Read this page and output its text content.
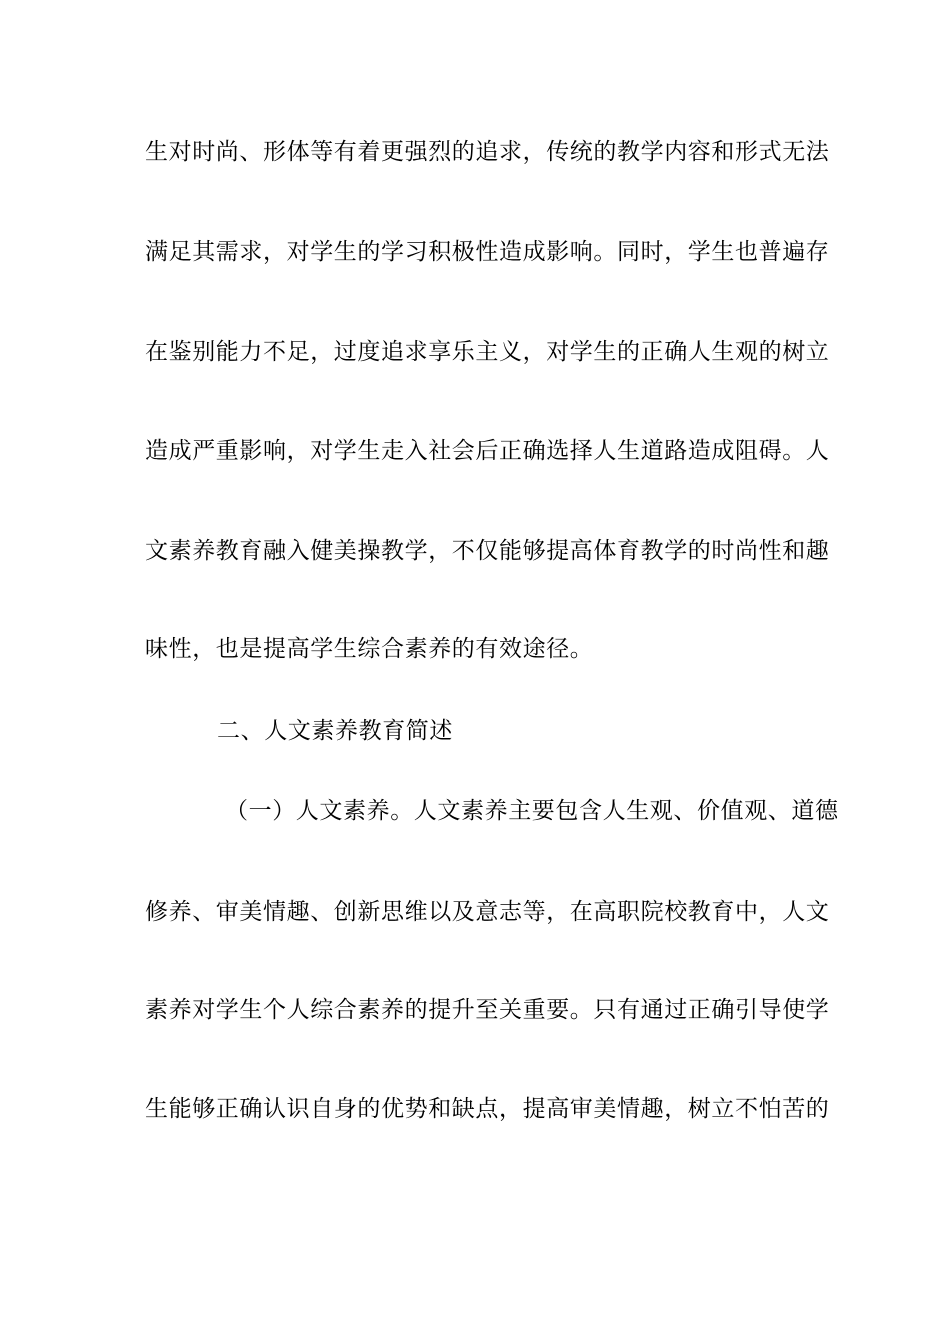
生对时尚、形体等有着更强烈的追求，传统的教学内容和形式无法
满足其需求，对学生的学习积极性造成影响。同时，学生也普遍存
在鉴别能力不足，过度追求享乐主义，对学生的正确人生观的树立
造成严重影响，对学生走入社会后正确选择人生道路造成阻碍。人
文素养教育融入健美操教学，不仅能够提高体育教学的时尚性和趣
味性，也是提高学生综合素养的有效途径。
二、人文素养教育简述
（一）人文素养。人文素养主要包含人生观、价值观、道德
修养、审美情趣、创新思维以及意志等，在高职院校教育中，人文
素养对学生个人综合素养的提升至关重要。只有通过正确引导使学
生能够正确认识自身的优势和缺点，提高审美情趣，树立不怕苦的
